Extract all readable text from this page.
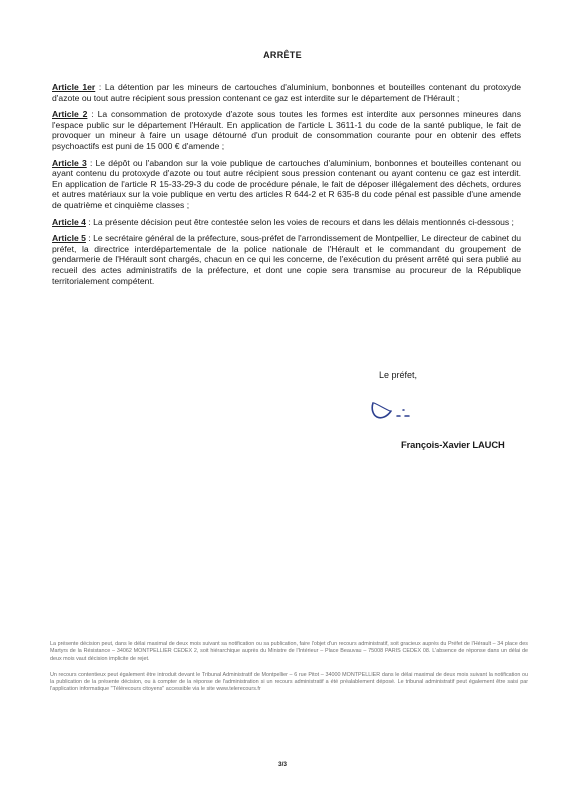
ARRÊTE

Article 1er : La détention par les mineurs de cartouches d'aluminium, bonbonnes et bouteilles contenant du protoxyde d'azote ou tout autre récipient sous pression contenant ce gaz est interdite sur le département de l'Hérault ;

Article 2 : La consommation de protoxyde d'azote sous toutes les formes est interdite aux personnes mineures dans l'espace public sur le département l'Hérault. En application de l'article L 3611-1 du code de la santé publique, le fait de provoquer un mineur à faire un usage détourné d'un produit de consommation courante pour en obtenir des effets psychoactifs est puni de 15 000 € d'amende ;

Article 3 : Le dépôt ou l'abandon sur la voie publique de cartouches d'aluminium, bonbonnes et bouteilles contenant ou ayant contenu du protoxyde d'azote ou tout autre récipient sous pression contenant ou ayant contenu ce gaz est interdit. En application de l'article R 15-33-29-3 du code de procédure pénale, le fait de déposer illégalement des déchets, ordures et autres matériaux sur la voie publique en vertu des articles R 644-2 et R 635-8 du code pénal est passible d'une amende de quatrième et cinquième classes ;

Article 4 : La présente décision peut être contestée selon les voies de recours et dans les délais mentionnés ci-dessous ;

Article 5 : Le secrétaire général de la préfecture, sous-préfet de l'arrondissement de Montpellier, Le directeur de cabinet du préfet, la directrice interdépartementale de la police nationale de l'Hérault et le commandant du groupement de gendarmerie de l'Hérault sont chargés, chacun en ce qui les concerne, de l'exécution du présent arrêté qui sera publié au recueil des actes administratifs de la préfecture, et dont une copie sera transmise au procureur de la République territorialement compétent.

Le préfet,
François-Xavier LAUCH

La présente décision peut, dans le délai maximal de deux mois suivant sa notification ou sa publication, faire l'objet d'un recours administratif, soit gracieux auprès du Préfet de l'Hérault – 34 place des Martyrs de la Résistance – 34062 MONTPELLIER CEDEX 2, soit hiérarchique auprès du Ministre de l'Intérieur – Place Beauvau – 75008 PARIS CEDEX 08. L'absence de réponse dans un délai de deux mois vaut décision implicite de rejet.

Un recours contentieux peut également être introduit devant le Tribunal Administratif de Montpellier – 6 rue Pitot – 34000 MONTPELLIER dans le délai maximal de deux mois suivant la notification ou la publication de la présente décision, ou à compter de la réponse de l'administration si un recours administratif a été préalablement déposé. Le tribunal administratif peut également être saisi par l'application informatique "Télérecours citoyens" accessible via le site www.telerecours.fr

3/3
